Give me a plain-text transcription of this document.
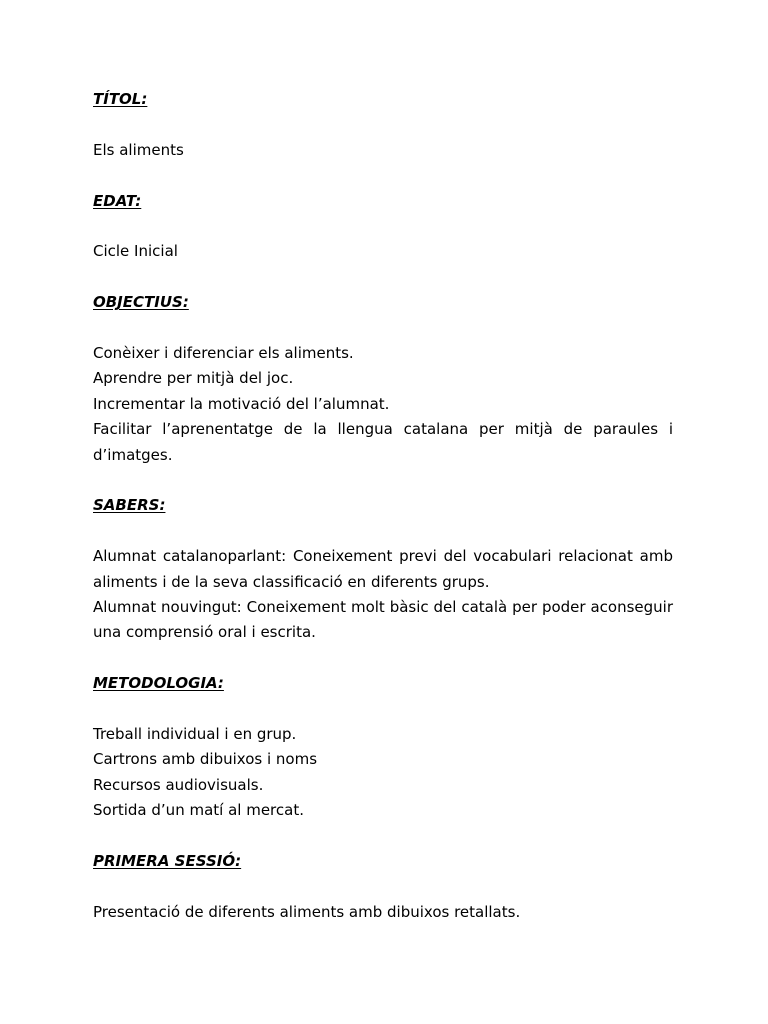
TÍTOL:

Els aliments

EDAT:

Cicle Inicial

OBJECTIUS:

Conèixer i diferenciar els aliments.
Aprendre per mitjà del joc.
Incrementar la motivació del l’alumnat.

Facilitar l’aprenentatge de la llengua catalana per mitjà de paraules i d’imatges.

SABERS:

Alumnat catalanoparlant: Coneixement previ del vocabulari relacionat amb aliments i de la seva classificació en diferents grups.

Alumnat nouvingut: Coneixement molt bàsic del català per poder aconseguir una comprensió oral i escrita.

METODOLOGIA:

Treball individual i en grup.
Cartrons amb dibuixos i noms
Recursos audiovisuals.
Sortida d’un matí al mercat.

PRIMERA SESSIÓ:

Presentació de diferents aliments amb dibuixos retallats.
